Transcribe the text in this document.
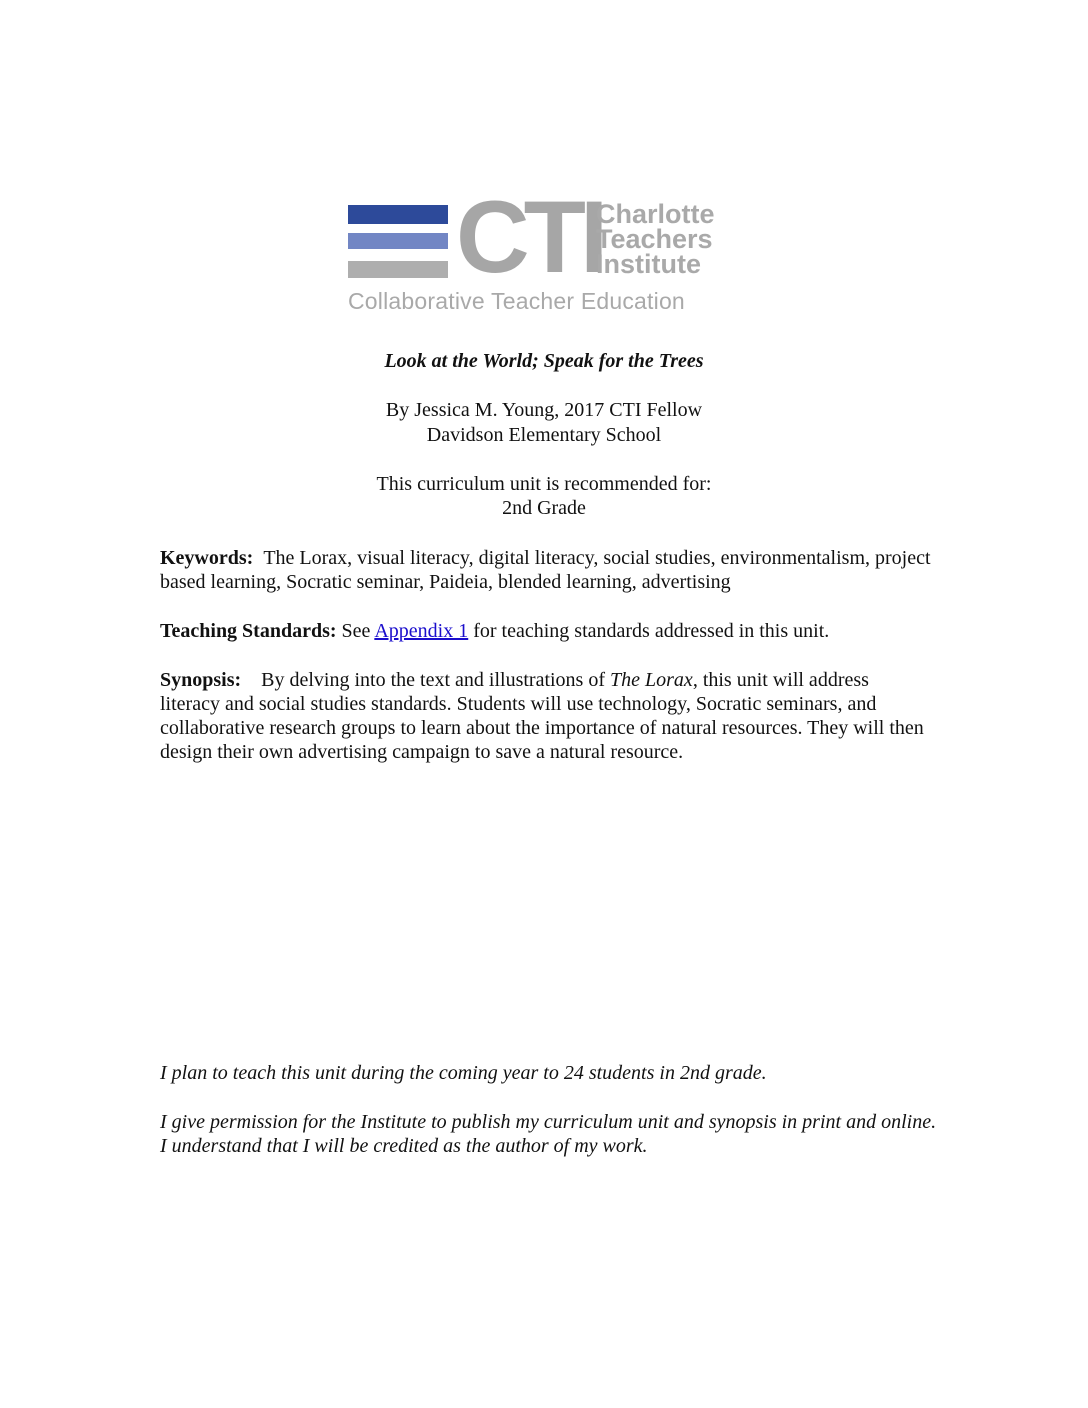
CTI
Charlotte
Teachers
Institute
Collaborative Teacher Education
Look at the World; Speak for the Trees
By Jessica M. Young, 2017 CTI Fellow
Davidson Elementary School
This curriculum unit is recommended for:
2nd Grade
Keywords: The Lorax, visual literacy, digital literacy, social studies, environmentalism, project based learning, Socratic seminar, Paideia, blended learning, advertising
Teaching Standards: See Appendix 1 for teaching standards addressed in this unit.
Synopsis: By delving into the text and illustrations of The Lorax, this unit will address literacy and social studies standards. Students will use technology, Socratic seminars, and collaborative research groups to learn about the importance of natural resources. They will then design their own advertising campaign to save a natural resource.
I plan to teach this unit during the coming year to 24 students in 2nd grade.
I give permission for the Institute to publish my curriculum unit and synopsis in print and online. I understand that I will be credited as the author of my work.
